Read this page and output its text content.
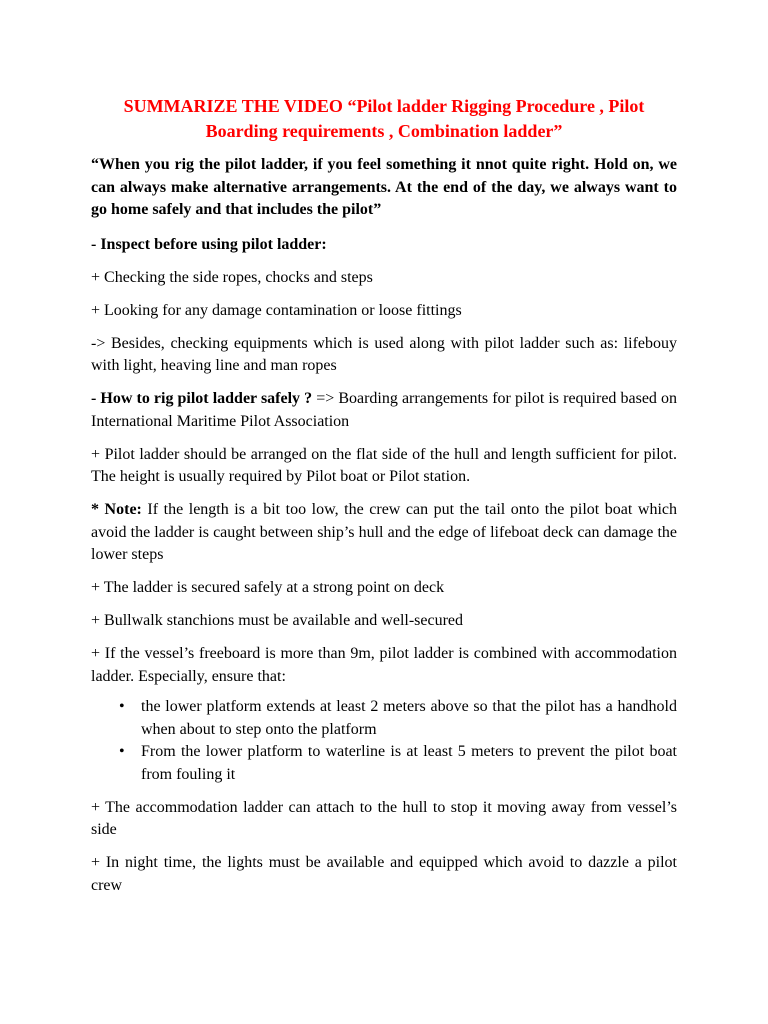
SUMMARIZE THE VIDEO “Pilot ladder Rigging Procedure , Pilot Boarding requirements , Combination ladder”

“When you rig the pilot ladder, if you feel something it nnot quite right. Hold on, we can always make alternative arrangements. At the end of the day, we always want to go home safely and that includes the pilot”

- Inspect before using pilot ladder:

+ Checking the side ropes, chocks and steps

+ Looking for any damage contamination or loose fittings

-> Besides, checking equipments which is used along with pilot ladder such as: lifebouy with light, heaving line and man ropes

- How to rig pilot ladder safely ? => Boarding arrangements for pilot is required based on International Maritime Pilot Association

+ Pilot ladder should be arranged on the flat side of the hull and length sufficient for pilot. The height is usually required by Pilot boat or Pilot station.

* Note: If the length is a bit too low, the crew can put the tail onto the pilot boat which avoid the ladder is caught between ship’s hull and the edge of lifeboat deck can damage the lower steps

+ The ladder is secured safely at a strong point on deck

+ Bullwalk stanchions must be available and well-secured

+ If the vessel’s freeboard is more than 9m, pilot ladder is combined with accommodation ladder. Especially, ensure that:

• the lower platform extends at least 2 meters above so that the pilot has a handhold when about to step onto the platform
• From the lower platform to waterline is at least 5 meters to prevent the pilot boat from fouling it

+ The accommodation ladder can attach to the hull to stop it moving away from vessel’s side

+ In night time, the lights must be available and equipped which avoid to dazzle a pilot crew
